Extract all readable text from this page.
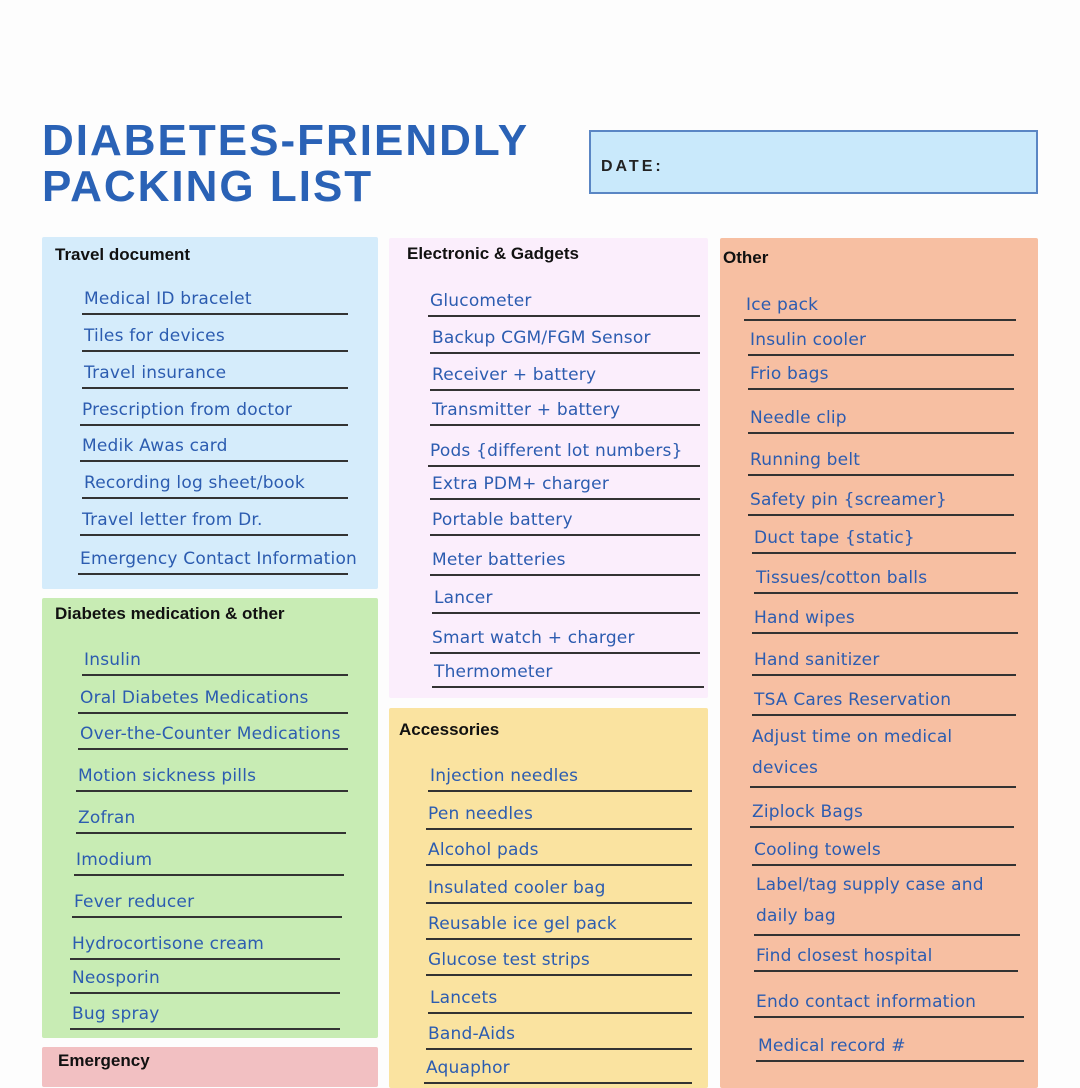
DIABETES-FRIENDLY
PACKING LIST	DATE:
Travel document
Diabetes medication & other
Emergency
Electronic & Gadgets
Accessories
Other
Medical ID bracelet
Tiles for devices
Travel insurance
Prescription from doctor
Medik Awas card
Recording log sheet/book
Travel letter from Dr.
Emergency Contact Information
Insulin
Oral Diabetes Medications
Over-the-Counter Medications
Motion sickness pills
Zofran
Imodium
Fever reducer
Hydrocortisone cream
Neosporin
Bug spray
Glucometer
Backup CGM/FGM Sensor
Receiver + battery
Transmitter + battery
Pods {different lot numbers}
Extra PDM+ charger
Portable battery
Meter batteries
Lancer
Smart watch + charger
Thermometer
Injection needles
Pen needles
Alcohol pads
Insulated cooler bag
Reusable ice gel pack
Glucose test strips
Lancets
Band-Aids
Aquaphor
Ice pack
Insulin cooler
Frio bags
Needle clip
Running belt
Safety pin {screamer}
Duct tape {static}
Tissues/cotton balls
Hand wipes
Hand sanitizer
TSA Cares Reservation
Adjust time on medical devices
Ziplock Bags
Cooling towels
Label/tag supply case and daily bag
Find closest hospital
Endo contact information
Medical record #
